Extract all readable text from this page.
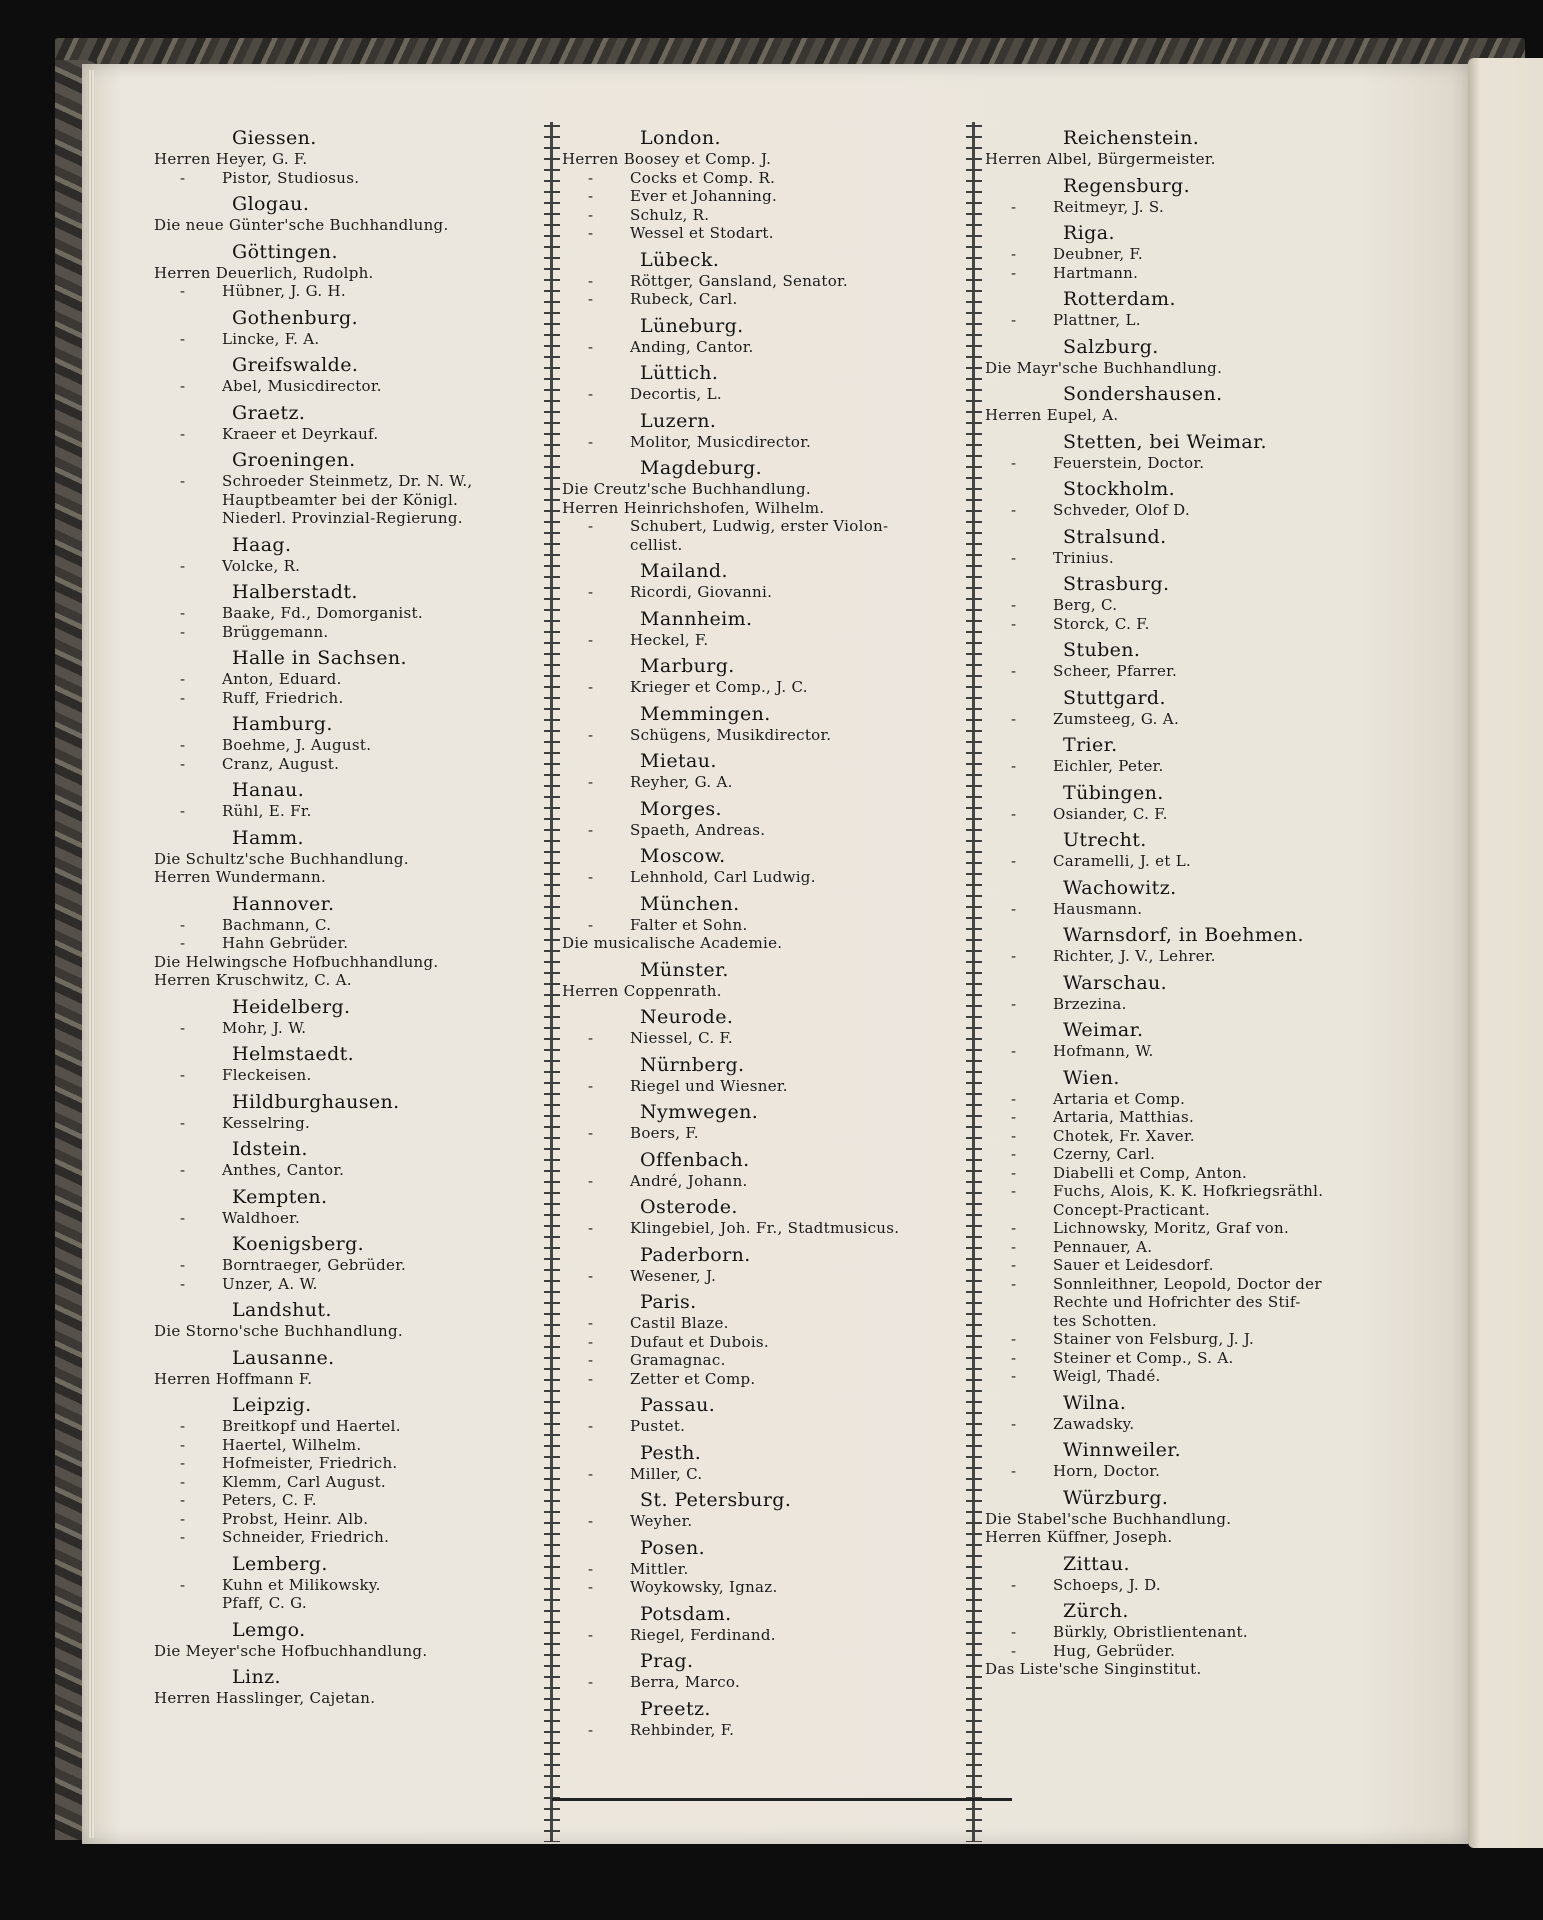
Giessen.
Herren Heyer, G. F.
- Pistor, Studiosus.
Glogau.
Die neue Günter'sche Buchhandlung.
Göttingen.
Herren Deuerlich, Rudolph.
- Hübner, J. G. H.
Gothenburg.
- Lincke, F. A.
Greifswalde.
- Abel, Musicdirector.
Graetz.
- Kraeer et Deyrkauf.
Groeningen.
- Schroeder Steinmetz, Dr. N. W.,
Hauptbeamter bei der Königl.
Niederl. Provinzial-Regierung.
Haag.
- Volcke, R.
Halberstadt.
- Baake, Fd., Domorganist.
- Brüggemann.
Halle in Sachsen.
- Anton, Eduard.
- Ruff, Friedrich.
Hamburg.
- Boehme, J. August.
- Cranz, August.
Hanau.
- Rühl, E. Fr.
Hamm.
Die Schultz'sche Buchhandlung.
Herren Wundermann.
Hannover.
- Bachmann, C.
- Hahn Gebrüder.
Die Helwingsche Hofbuchhandlung.
Herren Kruschwitz, C. A.
Heidelberg.
- Mohr, J. W.
Helmstaedt.
- Fleckeisen.
Hildburghausen.
- Kesselring.
Idstein.
- Anthes, Cantor.
Kempten.
- Waldhoer.
Koenigsberg.
- Borntraeger, Gebrüder.
- Unzer, A. W.
Landshut.
Die Storno'sche Buchhandlung.
Lausanne.
Herren Hoffmann F.
Leipzig.
- Breitkopf und Haertel.
- Haertel, Wilhelm.
- Hofmeister, Friedrich.
- Klemm, Carl August.
- Peters, C. F.
- Probst, Heinr. Alb.
- Schneider, Friedrich.
Lemberg.
- Kuhn et Milikowsky.
Pfaff, C. G.
Lemgo.
Die Meyer'sche Hofbuchhandlung.
Linz.
Herren Hasslinger, Cajetan.
London.
Herren Boosey et Comp. J.
- Cocks et Comp. R.
- Ever et Johanning.
- Schulz, R.
- Wessel et Stodart.
Lübeck.
- Röttger, Gansland, Senator.
- Rubeck, Carl.
Lüneburg.
- Anding, Cantor.
Lüttich.
- Decortis, L.
Luzern.
- Molitor, Musicdirector.
Magdeburg.
Die Creutz'sche Buchhandlung.
Herren Heinrichshofen, Wilhelm.
- Schubert, Ludwig, erster Violon-
cellist.
Mailand.
- Ricordi, Giovanni.
Mannheim.
- Heckel, F.
Marburg.
- Krieger et Comp., J. C.
Memmingen.
- Schügens, Musikdirector.
Mietau.
- Reyher, G. A.
Morges.
- Spaeth, Andreas.
Moscow.
- Lehnhold, Carl Ludwig.
München.
- Falter et Sohn.
Die musicalische Academie.
Münster.
Herren Coppenrath.
Neurode.
- Niessel, C. F.
Nürnberg.
- Riegel und Wiesner.
Nymwegen.
- Boers, F.
Offenbach.
- André, Johann.
Osterode.
- Klingebiel, Joh. Fr., Stadtmusicus.
Paderborn.
- Wesener, J.
Paris.
- Castil Blaze.
- Dufaut et Dubois.
- Gramagnac.
- Zetter et Comp.
Passau.
- Pustet.
Pesth.
- Miller, C.
St. Petersburg.
- Weyher.
Posen.
- Mittler.
- Woykowsky, Ignaz.
Potsdam.
- Riegel, Ferdinand.
Prag.
- Berra, Marco.
Preetz.
- Rehbinder, F.
Reichenstein.
Herren Albel, Bürgermeister.
Regensburg.
- Reitmeyr, J. S.
Riga.
- Deubner, F.
- Hartmann.
Rotterdam.
- Plattner, L.
Salzburg.
Die Mayr'sche Buchhandlung.
Sondershausen.
Herren Eupel, A.
Stetten, bei Weimar.
- Feuerstein, Doctor.
Stockholm.
- Schveder, Olof D.
Stralsund.
- Trinius.
Strasburg.
- Berg, C.
- Storck, C. F.
Stuben.
- Scheer, Pfarrer.
Stuttgard.
- Zumsteeg, G. A.
Trier.
- Eichler, Peter.
Tübingen.
- Osiander, C. F.
Utrecht.
- Caramelli, J. et L.
Wachowitz.
- Hausmann.
Warnsdorf, in Boehmen.
- Richter, J. V., Lehrer.
Warschau.
- Brzezina.
Weimar.
- Hofmann, W.
Wien.
- Artaria et Comp.
- Artaria, Matthias.
- Chotek, Fr. Xaver.
- Czerny, Carl.
- Diabelli et Comp, Anton.
- Fuchs, Alois, K. K. Hofkriegsräthl.
Concept-Practicant.
- Lichnowsky, Moritz, Graf von.
- Pennauer, A.
- Sauer et Leidesdorf.
- Sonnleithner, Leopold, Doctor der
Rechte und Hofrichter des Stif-
tes Schotten.
- Stainer von Felsburg, J. J.
- Steiner et Comp., S. A.
- Weigl, Thadé.
Wilna.
- Zawadsky.
Winnweiler.
- Horn, Doctor.
Würzburg.
Die Stabel'sche Buchhandlung.
Herren Küffner, Joseph.
Zittau.
- Schoeps, J. D.
Zürch.
- Bürkly, Obristlientenant.
- Hug, Gebrüder.
Das Liste'sche Singinstitut.
